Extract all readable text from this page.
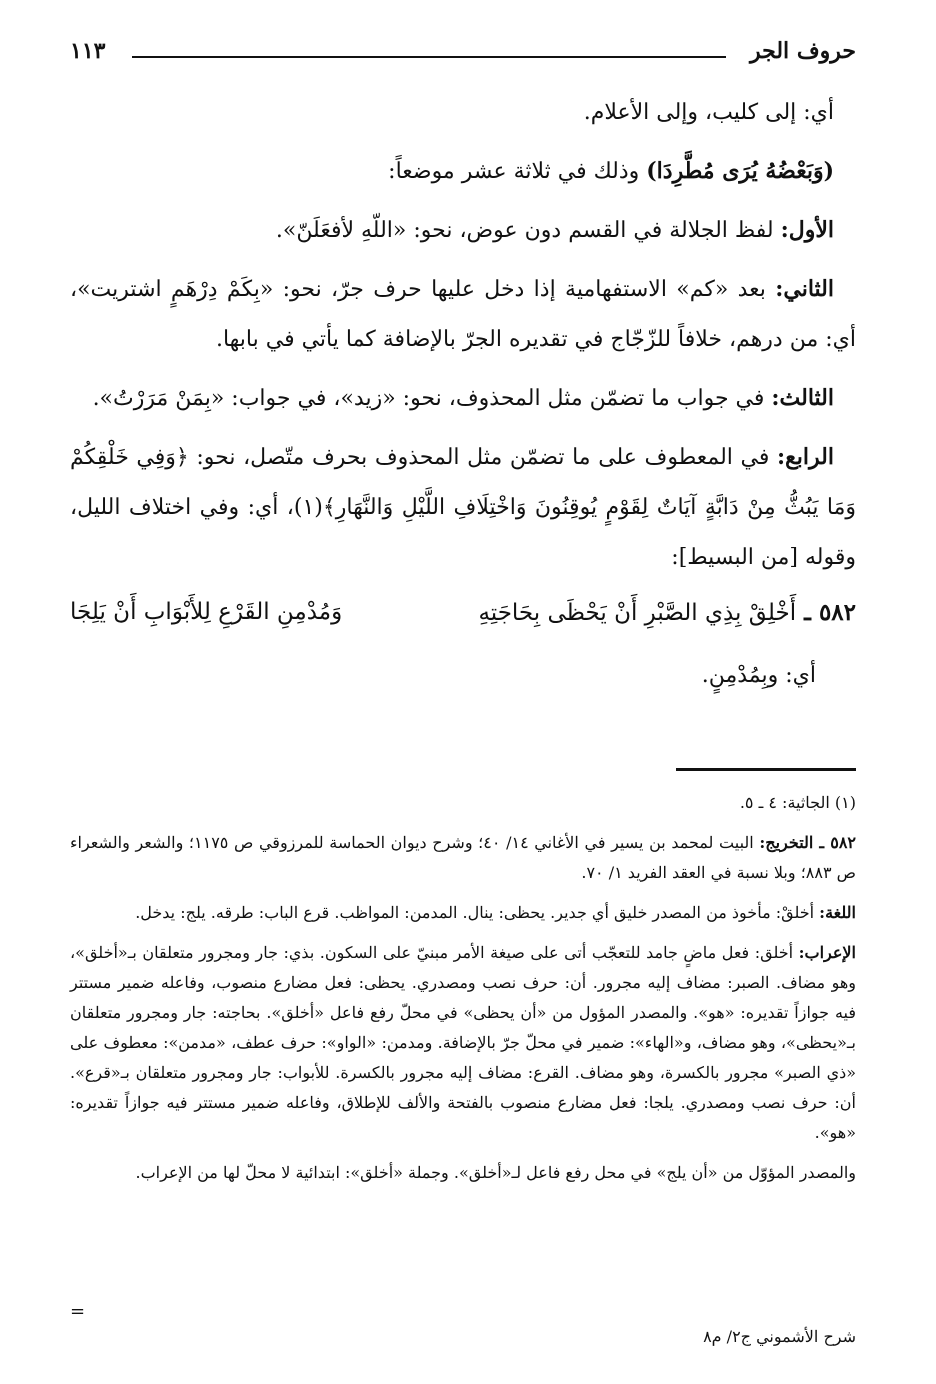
حروف الجر
١١٣

أي: إلى كليب، وإلى الأعلام.

(وَبَعْضُهُ يُرَى مُطَّرِدَا) وذلك في ثلاثة عشر موضعاً:

الأول: لفظ الجلالة في القسم دون عوض، نحو: «اللّهِ لأفعَلَنّ».

الثاني: بعد «كم» الاستفهامية إذا دخل عليها حرف جرّ، نحو: «بِكَمْ دِرْهَمٍ اشتريت»، أي: من درهم، خلافاً للزّجّاج في تقديره الجرّ بالإضافة كما يأتي في بابها.

الثالث: في جواب ما تضمّن مثل المحذوف، نحو: «زيد»، في جواب: «بِمَنْ مَرَرْتُ».

الرابع: في المعطوف على ما تضمّن مثل المحذوف بحرف متّصل، نحو: ﴿وَفِي خَلْقِكُمْ وَمَا يَبُثُّ مِنْ دَابَّةٍ آيَاتٌ لِقَوْمٍ يُوقِنُونَ وَاخْتِلَافِ اللَّيْلِ وَالنَّهَارِ﴾(١)، أي: وفي اختلاف الليل، وقوله [من البسيط]:

٥٨٢ ـ أَخْلِقْ بِذِي الصَّبْرِ أَنْ يَحْظَى بِحَاجَتِهِ
وَمُدْمِنِ القَرْعِ لِلأَبْوَابِ أَنْ يَلِجَا
أي: وبِمُدْمِنٍ.

(١) الجاثية: ٤ ـ ٥.

٥٨٢ ـ التخريج: البيت لمحمد بن يسير في الأغاني ١٤/ ٤٠؛ وشرح ديوان الحماسة للمرزوقي ص ١١٧٥؛ والشعر والشعراء ص ٨٨٣؛ وبلا نسبة في العقد الفريد ١/ ٧٠.

اللغة: أخلقْ: مأخوذ من المصدر خليق أي جدير. يحظى: ينال. المدمن: المواظب. قرع الباب: طرقه. يلج: يدخل.

الإعراب: أخلق: فعل ماضٍ جامد للتعجّب أتى على صيغة الأمر مبنيّ على السكون. بذي: جار ومجرور متعلقان بـ«أخلق»، وهو مضاف. الصبر: مضاف إليه مجرور. أن: حرف نصب ومصدري. يحظى: فعل مضارع منصوب، وفاعله ضمير مستتر فيه جوازاً تقديره: «هو». والمصدر المؤول من «أن يحظى» في محلّ رفع فاعل «أخلق». بحاجته: جار ومجرور متعلقان بـ«يحظى»، وهو مضاف، و«الهاء»: ضمير في محلّ جرّ بالإضافة. ومدمن: «الواو»: حرف عطف، «مدمن»: معطوف على «ذي الصبر» مجرور بالكسرة، وهو مضاف. القرع: مضاف إليه مجرور بالكسرة. للأبواب: جار ومجرور متعلقان بـ«قرع». أن: حرف نصب ومصدري. يلجا: فعل مضارع منصوب بالفتحة والألف للإطلاق، وفاعله ضمير مستتر فيه جوازاً تقديره: «هو».

والمصدر المؤوّل من «أن يلج» في محل رفع فاعل لـ«أخلق». وجملة «أخلق»: ابتدائية لا محلّ لها من الإعراب.

=
شرح الأشموني ج٢/ م٨
